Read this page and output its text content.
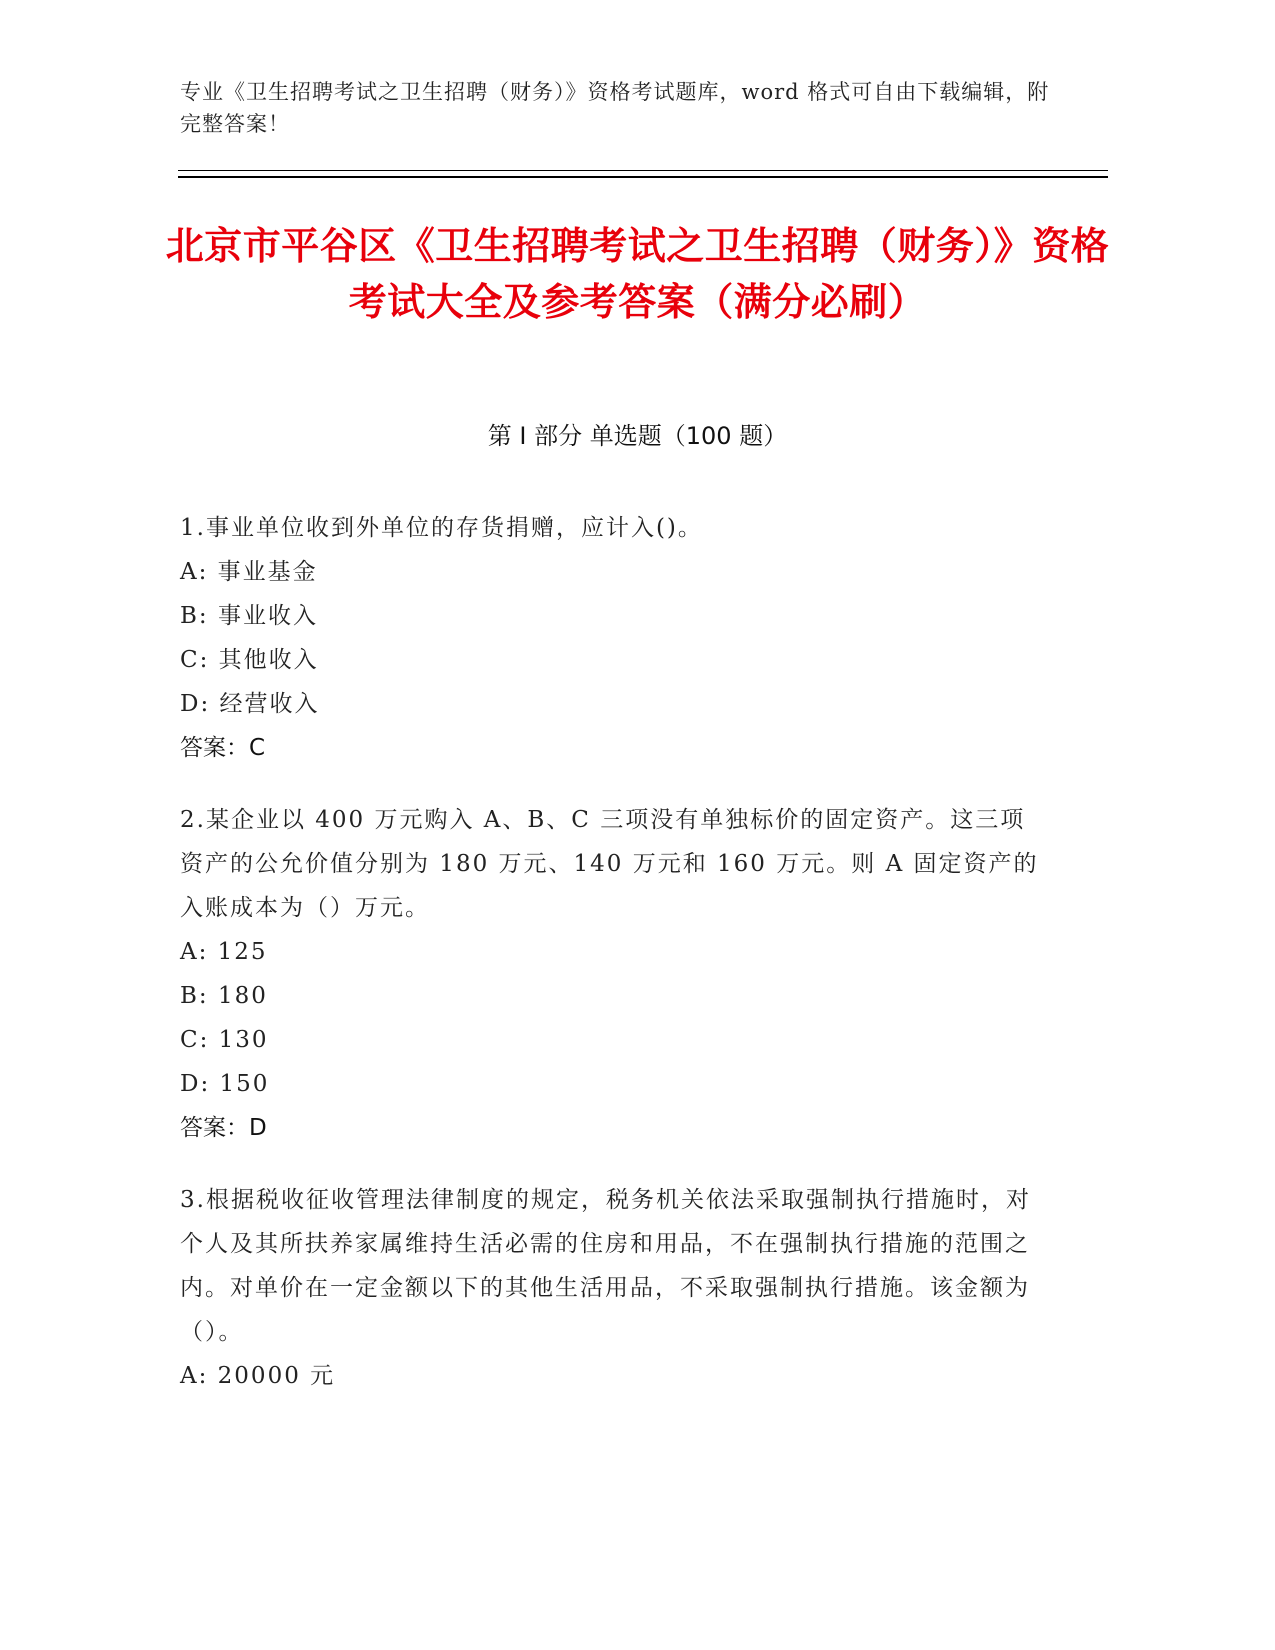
专业《卫生招聘考试之卫生招聘（财务）》资格考试题库，word 格式可自由下载编辑，附完整答案！
北京市平谷区《卫生招聘考试之卫生招聘（财务）》资格考试大全及参考答案（满分必刷）
第 I 部分 单选题（100 题）
1.事业单位收到外单位的存货捐赠，应计入()。
A: 事业基金
B: 事业收入
C: 其他收入
D: 经营收入
答案：C
2.某企业以 400 万元购入 A、B、C 三项没有单独标价的固定资产。这三项资产的公允价值分别为 180 万元、140 万元和 160 万元。则 A 固定资产的入账成本为（）万元。
A: 125
B: 180
C: 130
D: 150
答案：D
3.根据税收征收管理法律制度的规定，税务机关依法采取强制执行措施时，对个人及其所扶养家属维持生活必需的住房和用品，不在强制执行措施的范围之内。对单价在一定金额以下的其他生活用品，不采取强制执行措施。该金额为（）。
A: 20000 元
